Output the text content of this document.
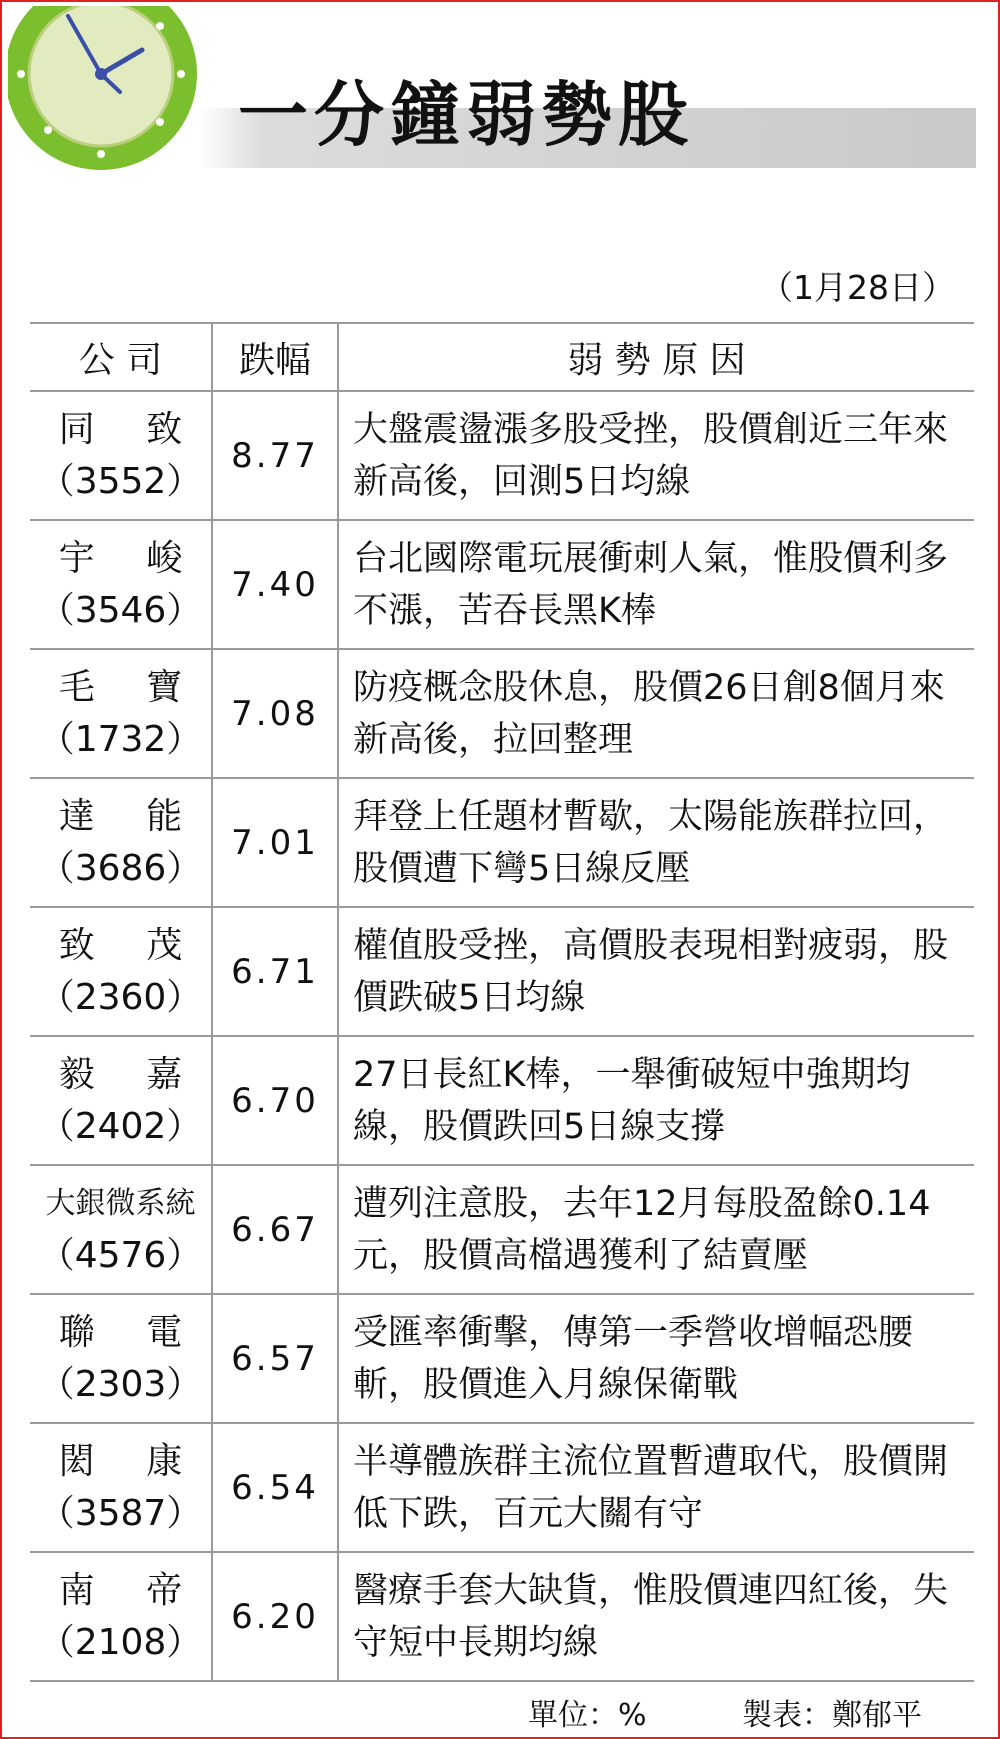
一分鐘弱勢股
（1月28日）
公 司	跌幅	弱 勢 原 因

同 致
（3552）	8.77	大盤震盪漲多股受挫，股價創近三年來新高後，回測5日均線

宇 峻
（3546）	7.40	台北國際電玩展衝刺人氣，惟股價利多不漲，苦吞長黑K棒

毛 寶
（1732）	7.08	防疫概念股休息，股價26日創8個月來新高後，拉回整理

達 能
（3686）	7.01	拜登上任題材暫歇，太陽能族群拉回，股價遭下彎5日線反壓

致 茂
（2360）	6.71	權值股受挫，高價股表現相對疲弱，股價跌破5日均線

毅 嘉
（2402）	6.70	27日長紅K棒，一舉衝破短中強期均線，股價跌回5日線支撐

大銀微系統
（4576）	6.67	遭列注意股，去年12月每股盈餘0.14元，股價高檔遇獲利了結賣壓

聯 電
（2303）	6.57	受匯率衝擊，傳第一季營收增幅恐腰斬，股價進入月線保衛戰

閎 康
（3587）	6.54	半導體族群主流位置暫遭取代，股價開低下跌，百元大關有守

南 帝
（2108）	6.20	醫療手套大缺貨，惟股價連四紅後，失守短中長期均線
單位：%	製表：鄭郁平
